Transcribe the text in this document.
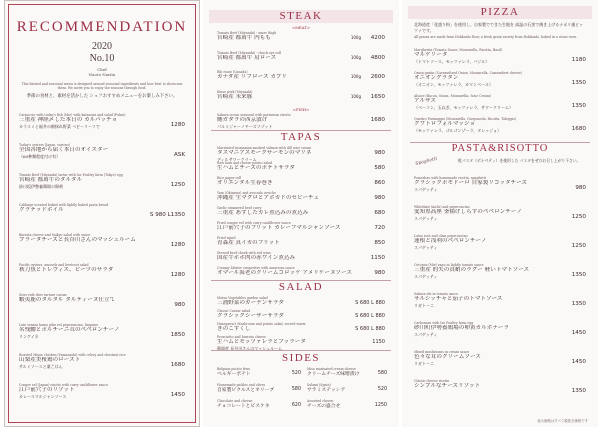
RECOMMENDATION
2020
No.10
Chef
Naoto Narita
This limited and seasonal menu is designed around seasonal ingredients and how best to showcase them. We invite you to enjoy the seasons through food.
季節の食材と、素材を活かした シェフおすすめメニューをお楽しみ下さい。
Carpaccio with today's fish (Mie) with katsuomi and salad (Fukui)
三重産 神経〆した本日の カルパッチョ
カラスミと福井の朝採れ野菜 ベビーリーフで	1280
Today's oysters (Japan, various)
全国各地から届く本日のオイスター
（60种類程度付け有）	ASK
Tomato Beef (Miyazaki) tartar with Ise Poultry farm (Tokyo) egg
宮崎産 都萬牛のタルタル
砂川坂伊勢養鶏場の卵黄	1250
Cabbage-scented baked with lightly baked pasta bread
クラテッドボイル
S 980 L1350
Burrata cheese and Saikyo salad with sauce
プラータチーズと長谷川さんのマッシュルーム
1280
Pacific oysters, mussels and beetroot salad
秋刀魚とトレヴィス、ビーツのサラダ
1280
Sous-vide deer tartare caesar
蝦夷鹿のタルタル タルティーヌ仕立て
980
Late season hamo pike eel peperoncino, linguine
名残鱧とポルチーニ茸のペペロンチーノ
リングイネ	1850
Roasted Miyao chicken (Yamanashi) with celery and chestnut rice
山梨産美桜鶏のロースト
サルミソースと栗ごはん	1680
Conger eel (Japan) risotto with curry cauliflower sauce
江戸前穴子のリゾット
カレースマルジャンソース	1450
STEAK
<MEAT>
Tomato Beef (Miyazaki) - inner thigh
宮崎産 都萬牛 内もも	100g 4200
Tomato Beef (Miyazaki) - chuck eye roll
宮崎産 都萬牛 肩ロース	100g 4800
Rib roast (Canada)
カナダ産 リブロース カプリ	100g 2600
Kinse pork (Miyazaki)
宮崎産 未来豚	100g 1650
Sakura ocean seasonal with parmesan risotto
鮪ガダラの西京漬け
パルミジャーノチーズリゾット
1680
<FISH>
TAPAS
Marinated tasmanian smoked salmon with dill sour cream
タスマニアスモークサーモンのマリネ
ディルサワークリーム
980
Raw ham and cheese potato salad
生ハムとチーズのポテトサラダ	580
Rice paper roll
オリエンタル生春巻き	860
Yam (Okinawa) and avocado ceviche
沖縄産 生マグロとアボカドのセビーチェ	980
Garlic simmered beef curry
三重産 あずしたカレ煮込みの煮込み	680
Fried conger eel with curry cauliflower sauce
江戸前穴子のフリット カレーフマルジャンソース	720
Fried squid
青森産 真イカのフリット	850
Stewed beef cheek with red wine
国産牛ホホ肉の赤ワイン煮込み	1150
Creamy lobster croquettes with amarican sauce
オマール海老のクリームコロッケ アメリケーヌソース	980
SALAD
Matsu Vegetables garden salad
三浦野菜のガーデンサラダ	S 680 L 880
Classic Caesar salad
クラシックシーザーサラダ	S 680 L 880
Hasegawa's Mushroom and potato salad, served warm
きのこずくし	S 680 L 880
Prosciutto and burrata cheese
生ハムとモッツァレラとブッラータ
静岡産 長谷川さんのマッシュルーム
1150
SIDES
Belgium potato fries
ベルギーポテト	520
Homemade pickles and olives
自家製ピクルスとオリーブ	580
Chocolate and cheese
チョコレートとビスケキ	620
Miso marinated cream cheese
クリームチーズ味噌漬け	580
Salami (Spain)
サラミステッシア	520
Assorted cheese
チーズの盛合せ	1250
PIZZA
北海道産「花盛り粉」を使用し、自家製でできた生地を 高温の石窯で焼き上げるナポリ風ピッツァです。
All pizzas are made from Hokkaido flour, a fresh grain variety from Hokkaido, baked in a stone oven.
Margherita (Tomato Sauce, Mozzarella, Ricotta, Basil)
マルゲリータ
（トマトソース、モッツァレラ、バジル）	1180
Onion gratin (Caramelized Onion, Mozzarella, Camembert cheese)
オニオングラタン
（オニオン、モッツァレラ、カマンベール）	1350
Alsace (Bacon, Onion, Mozzarella, Sour Cream)
アルザス
（ベーコン、玉ねぎ、モッツァレラ、サワークリーム）	1350
Quattro Formaggio (Mozzarella, Gorgonzola, Ricotta, Taleggio)
クワトロフォルマッジョ
（モッツァレラ、ゴルゴンゾーラ、タレッジョ）	1680
PASTA&RISOTTO
Spaghetti	乾パスタ（ボナペティ）を使用した パスタをぜひお召し上がり下さい。
Pomodoro with homemade ricotta, spaghetti
クラシックポモドーロ 自家製リコッタチーズ
スパゲッティ	980
Whitebait (Aichi) and peperoncino
愛知県高座 釜揚げしらすのペペロンチーノ
スパゲッティ	1250
Lotus root and clam peperoncino
蓮根と浅利のペペロンチーノ
スパゲッティ	1250
Octopus (Mie) ragu in lightly tomato sauce
三重産 的矢の真蛸のラグー 軽いトマトソース
スパゲッティ	1350
Sakura ebi in tomato sauce
サルシッチャと茄子のトマトソース
リガトーニ	1350
Carbonara with Ise Poultry farm egg
砂川町伊勢養鶏場の卵黄カルボナーラ
スパゲッティ	1450
Mixed mushrooms in cream sauce
色々な茸のクリームソース
リガトーニ	1450
Classic cheese risotto
シンプルなチーズリゾット
1350
表示価格はすべて税抜き価格です
